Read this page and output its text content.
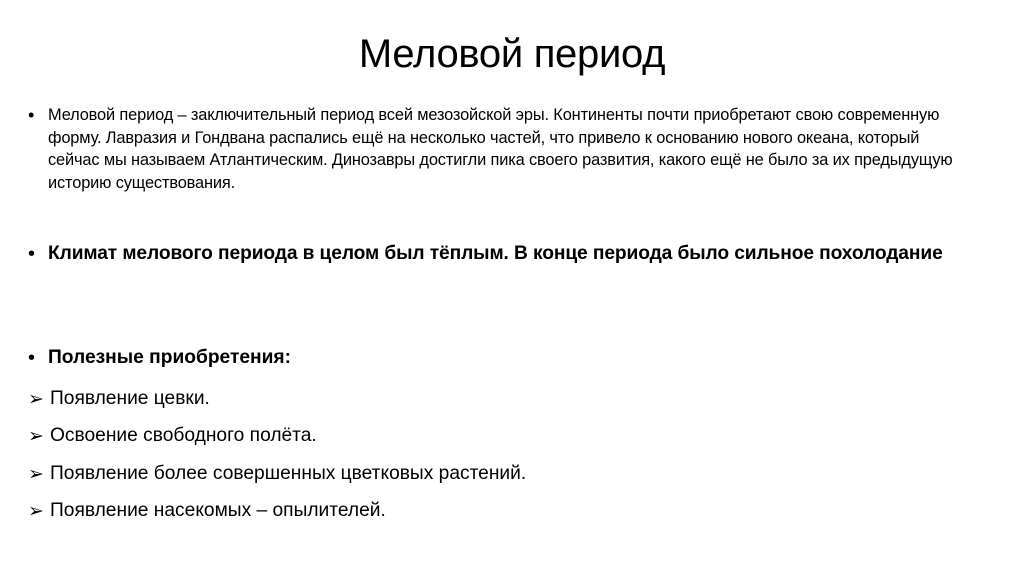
Меловой период
• Меловой период – заключительный период всей мезозойской эры. Континенты почти приобретают свою современную форму. Лавразия и Гондвана распались ещё на несколько частей, что привело к основанию нового океана, который сейчас мы называем Атлантическим. Динозавры достигли пика своего развития, какого ещё не было за их предыдущую историю существования.
• Климат мелового периода в целом был тёплым. В конце периода было сильное похолодание
• Полезные приобретения:
➢ Появление цевки.
➢ Освоение свободного полёта.
➢ Появление более совершенных цветковых растений.
➢ Появление насекомых – опылителей.
